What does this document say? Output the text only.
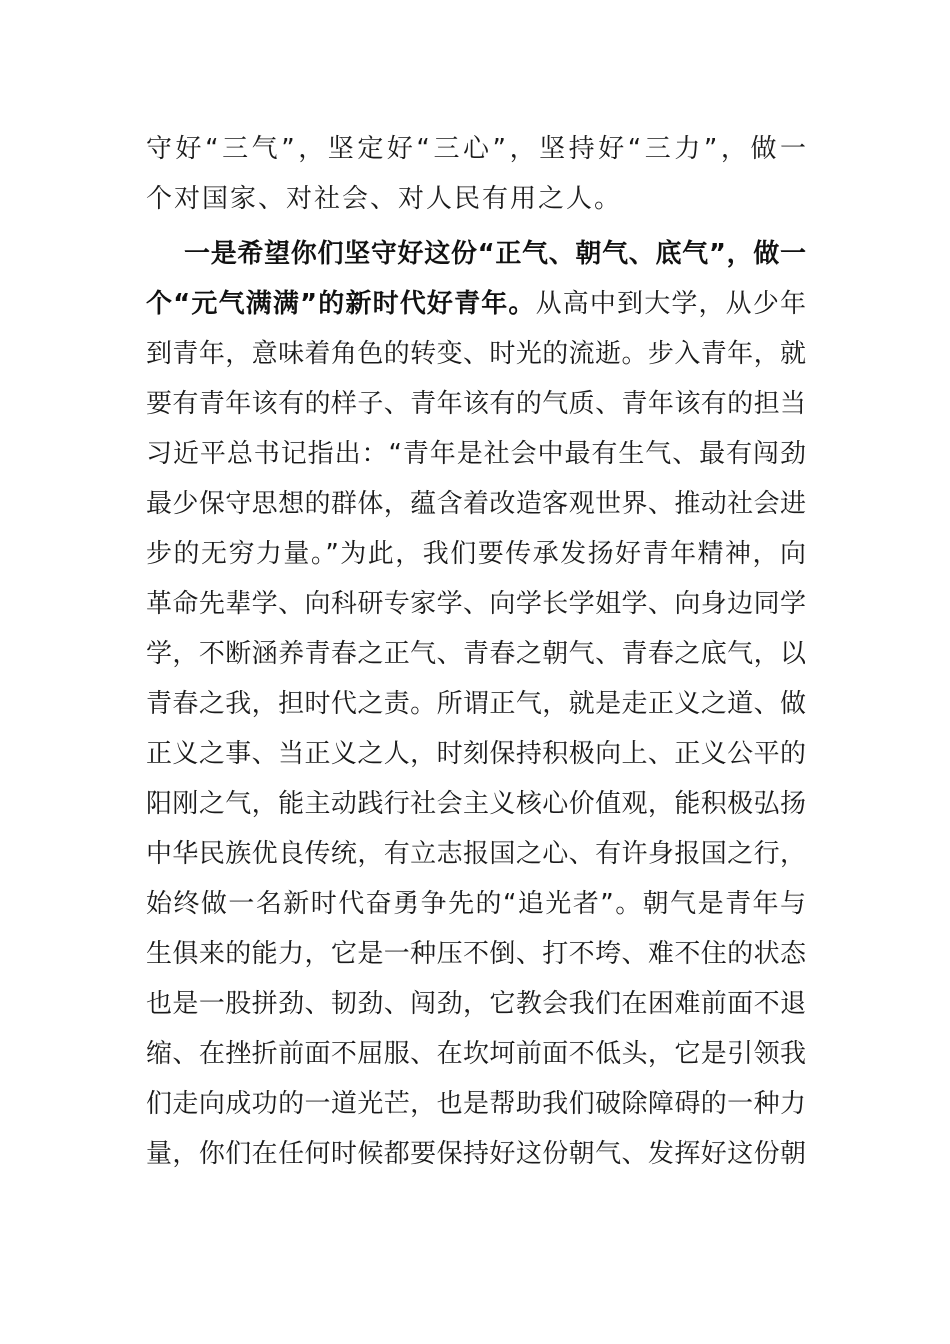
守好“三气”，坚定好“三心”，坚持好“三力”，做一
个对国家、对社会、对人民有用之人。
一是希望你们坚守好这份“正气、朝气、底气”，做一
个“元气满满”的新时代好青年。从高中到大学，从少年
到青年，意味着角色的转变、时光的流逝。步入青年，就
要有青年该有的样子、青年该有的气质、青年该有的担当
习近平总书记指出：“青年是社会中最有生气、最有闯劲
最少保守思想的群体，蕴含着改造客观世界、推动社会进
步的无穷力量。”为此，我们要传承发扬好青年精神，向
革命先辈学、向科研专家学、向学长学姐学、向身边同学
学，不断涵养青春之正气、青春之朝气、青春之底气，以
青春之我，担时代之责。所谓正气，就是走正义之道、做
正义之事、当正义之人，时刻保持积极向上、正义公平的
阳刚之气，能主动践行社会主义核心价值观，能积极弘扬
中华民族优良传统，有立志报国之心、有许身报国之行，
始终做一名新时代奋勇争先的“追光者”。朝气是青年与
生俱来的能力，它是一种压不倒、打不垮、难不住的状态
也是一股拼劲、韧劲、闯劲，它教会我们在困难前面不退
缩、在挫折前面不屈服、在坎坷前面不低头，它是引领我
们走向成功的一道光芒，也是帮助我们破除障碍的一种力
量，你们在任何时候都要保持好这份朝气、发挥好这份朝
